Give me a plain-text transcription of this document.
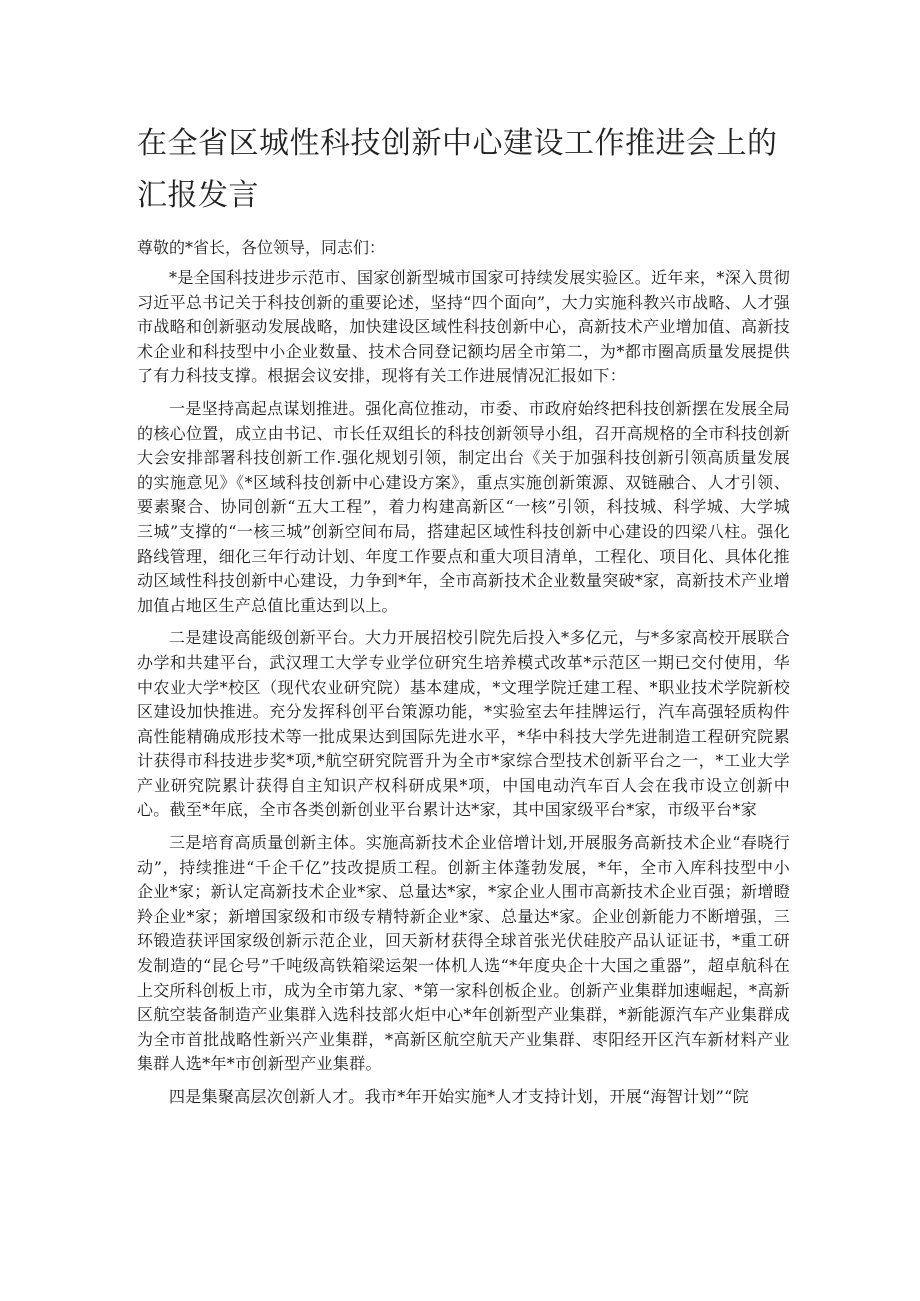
在全省区城性科技创新中心建设工作推进会上的汇报发言

尊敬的*省长，各位领导，同志们：

*是全国科技进步示范市、国家创新型城市国家可持续发展实验区。近年来，*深入贯彻习近平总书记关于科技创新的重要论述，坚持“四个面向”，大力实施科教兴市战略、人才强市战略和创新驱动发展战略，加快建设区域性科技创新中心，高新技术产业增加值、高新技术企业和科技型中小企业数量、技术合同登记额均居全市第二，为*都市圈高质量发展提供了有力科技支撑。根据会议安排，现将有关工作进展情况汇报如下：

一是坚持高起点谋划推进。强化高位推动，市委、市政府始终把科技创新摆在发展全局的核心位置，成立由书记、市长任双组长的科技创新领导小组，召开高规格的全市科技创新大会安排部署科技创新工作.强化规划引领，制定出台《关于加强科技创新引领高质量发展的实施意见》《*区域科技创新中心建设方案》，重点实施创新策源、双链融合、人才引领、要素聚合、协同创新“五大工程”，着力构建高新区“一核”引领，科技城、科学城、大学城三城”支撑的“一核三城”创新空间布局，搭建起区域性科技创新中心建设的四梁八柱。强化路线管理，细化三年行动计划、年度工作要点和重大项目清单，工程化、项目化、具体化推动区域性科技创新中心建设，力争到*年，全市高新技术企业数量突破*家，高新技术产业增加值占地区生产总值比重达到以上。

二是建设高能级创新平台。大力开展招校引院先后投入*多亿元，与*多家高校开展联合办学和共建平台，武汉理工大学专业学位研究生培养模式改革*示范区一期已交付使用，华中农业大学*校区（现代农业研究院）基本建成，*文理学院迁建工程、*职业技术学院新校区建设加快推进。充分发挥科创平台策源功能，*实验室去年挂牌运行，汽车高强轻质构件高性能精确成形技术等一批成果达到国际先进水平，*华中科技大学先进制造工程研究院累计获得市科技进步奖*项,*航空研究院晋升为全市*家综合型技术创新平台之一，*工业大学产业研究院累计获得自主知识产权科研成果*项，中国电动汽车百人会在我市设立创新中心。截至*年底，全市各类创新创业平台累计达*家，其中国家级平台*家，市级平台*家

三是培育高质量创新主体。实施高新技术企业倍增计划,开展服务高新技术企业“春晓行动”，持续推进“千企千亿”技改提质工程。创新主体蓬勃发展，*年，全市入库科技型中小企业*家；新认定高新技术企业*家、总量达*家，*家企业人围市高新技术企业百强；新增瞪羚企业*家；新增国家级和市级专精特新企业*家、总量达*家。企业创新能力不断增强，三环锻造获评国家级创新示范企业，回天新材获得全球首张光伏硅胶产品认证证书，*重工研发制造的“昆仑号”千吨级高铁箱梁运架一体机人选“*年度央企十大国之重器”，超卓航科在上交所科创板上市，成为全市第九家、*第一家科创板企业。创新产业集群加速崛起，*高新区航空装备制造产业集群入选科技部火炬中心*年创新型产业集群，*新能源汽车产业集群成为全市首批战略性新兴产业集群，*高新区航空航天产业集群、枣阳经开区汽车新材料产业集群人选*年*市创新型产业集群。

四是集聚高层次创新人才。我市*年开始实施*人才支持计划，开展“海智计划”“院
